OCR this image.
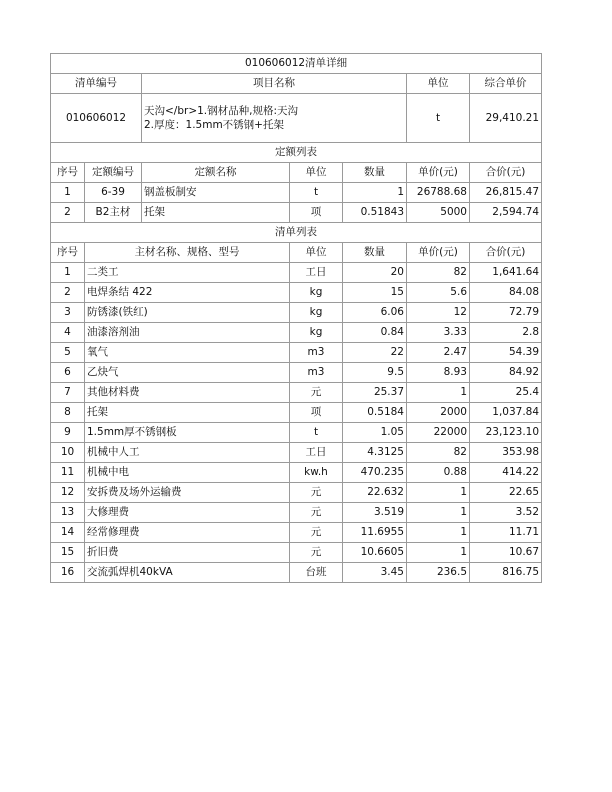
010606012清单详细						
清单编号		项目名称			单位	综合单价
010606012		天沟</br>1.钢材品种,规格:天沟
2.厚度：1.5mm不锈钢+托架			t	29,410.21
定额列表						
序号	定额编号	定额名称	单位	数量	单价(元)	合价(元)
1	6-39	钢盖板制安	t	1	26788.68	26,815.47
2	B2主材	托架	项	0.51843	5000	2,594.74
清单列表						
序号	主材名称、规格、型号		单位	数量	单价(元)	合价(元)
1	二类工		工日	20	82	1,641.64
2	电焊条结 422		kg	15	5.6	84.08
3	防锈漆(铁红)		kg	6.06	12	72.79
4	油漆溶剂油		kg	0.84	3.33	2.8
5	氧气		m3	22	2.47	54.39
6	乙炔气		m3	9.5	8.93	84.92
7	其他材料费		元	25.37	1	25.4
8	托架		项	0.5184	2000	1,037.84
9	1.5mm厚不锈钢板		t	1.05	22000	23,123.10
10	机械中人工		工日	4.3125	82	353.98
11	机械中电		kw.h	470.235	0.88	414.22
12	安拆费及场外运输费		元	22.632	1	22.65
13	大修理费		元	3.519	1	3.52
14	经常修理费		元	11.6955	1	11.71
15	折旧费		元	10.6605	1	10.67
16	交流弧焊机40kVA		台班	3.45	236.5	816.75
